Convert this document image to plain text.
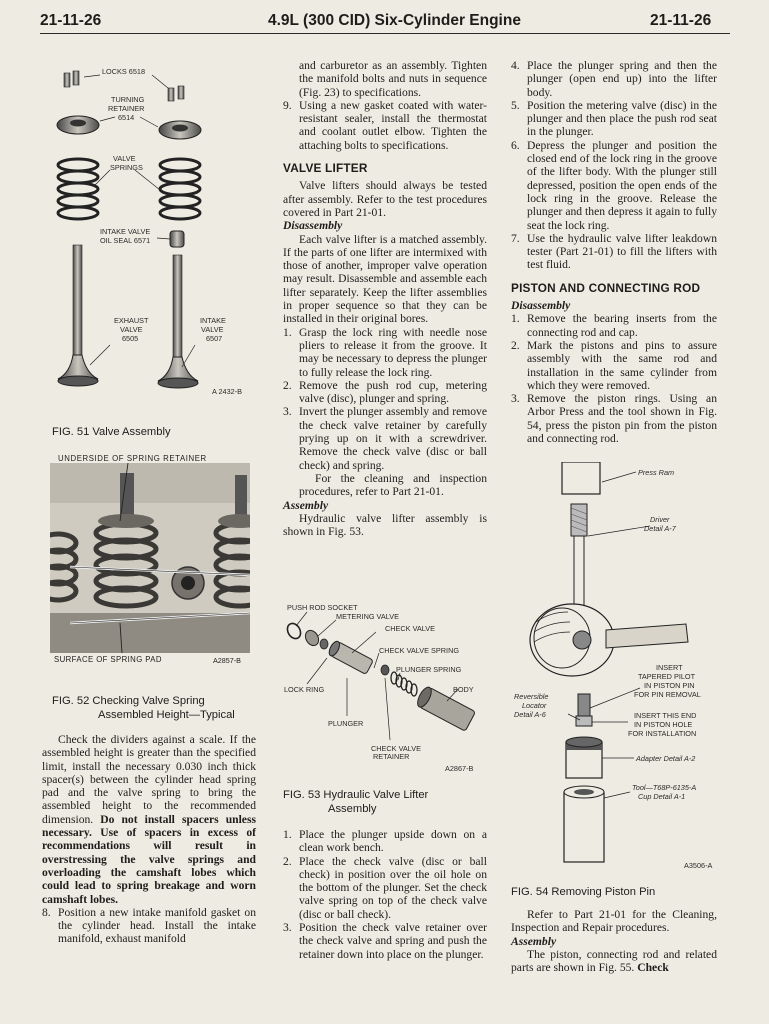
21-11-26	4.9L (300 CID) Six-Cylinder Engine	21-11-26
LOCKS 6518
TURNING
RETAINER
6514
VALVE
SPRINGS
INTAKE VALVE
OIL SEAL 6571
EXHAUST
VALVE
6505
INTAKE
VALVE
6507
A 2432-B
FIG. 51 Valve Assembly
UNDERSIDE OF SPRING RETAINER
SURFACE OF SPRING PAD	A2857-B
FIG. 52 Checking Valve Spring
Assembled Height—Typical

Check the dividers against a scale. If the assembled height is greater than the specified limit, install the necessary 0.030 inch thick spacer(s) between the cylinder head spring pad and the valve spring to bring the assembled height to the recommended dimension. Do not install spacers unless necessary. Use of spacers in excess of recommendations will result in overstressing the valve springs and overloading the camshaft lobes which could lead to spring breakage and worn camshaft lobes.

8. Position a new intake manifold gasket on the cylinder head. Install the intake manifold, exhaust manifold

and carburetor as an assembly. Tighten the manifold bolts and nuts in sequence (Fig. 23) to specifications.

9. Using a new gasket coated with water-resistant sealer, install the thermostat and coolant outlet elbow. Tighten the attaching bolts to specifications.
VALVE LIFTER

Valve lifters should always be tested after assembly. Refer to the test procedures covered in Part 21-01.

Disassembly

Each valve lifter is a matched assembly. If the parts of one lifter are intermixed with those of another, improper valve operation may result. Disassemble and assemble each lifter separately. Keep the lifter assemblies in proper sequence so that they can be installed in their original bores.

1. Grasp the lock ring with needle nose pliers to release it from the groove. It may be necessary to depress the plunger to fully release the lock ring.
2. Remove the push rod cup, metering valve (disc), plunger and spring.
3. Invert the plunger assembly and remove the check valve retainer by carefully prying up on it with a screwdriver. Remove the check valve (disc or ball check) and spring.

For the cleaning and inspection procedures, refer to Part 21-01.

Assembly

Hydraulic valve lifter assembly is shown in Fig. 53.

PUSH ROD SOCKET
METERING VALVE
CHECK VALVE
CHECK VALVE SPRING
PLUNGER SPRING
LOCK RING	BODY
PLUNGER
CHECK VALVE
RETAINER
A2867-B
FIG. 53 Hydraulic Valve Lifter
Assembly
1. Place the plunger upside down on a clean work bench.
2. Place the check valve (disc or ball check) in position over the oil hole on the bottom of the plunger. Set the check valve spring on top of the check valve (disc or ball check).
3. Position the check valve retainer over the check valve and spring and push the retainer down into place on the plunger.
4. Place the plunger spring and then the plunger (open end up) into the lifter body.
5. Position the metering valve (disc) in the plunger and then place the push rod seat in the plunger.
6. Depress the plunger and position the closed end of the lock ring in the groove of the lifter body. With the plunger still depressed, position the open ends of the lock ring in the groove. Release the plunger and then depress it again to fully seat the lock ring.
7. Use the hydraulic valve lifter leakdown tester (Part 21-01) to fill the lifters with test fluid.
PISTON AND CONNECTING ROD
Disassembly
1. Remove the bearing inserts from the connecting rod and cap.
2. Mark the pistons and pins to assure assembly with the same rod and installation in the same cylinder from which they were removed.
3. Remove the piston rings. Using an Arbor Press and the tool shown in Fig. 54, press the piston pin from the piston and connecting rod.
Press Ram
Driver
Detail A-7
INSERT
TAPERED PILOT
IN PISTON PIN
FOR PIN REMOVAL
Reversible
Locator
Detail A-6	INSERT THIS END
IN PISTON HOLE
FOR INSTALLATION
Adapter Detail A-2
Tool—T68P-6135-A
Cup Detail A-1
A3506-A
FIG. 54 Removing Piston Pin

Refer to Part 21-01 for the Cleaning, Inspection and Repair procedures.

Assembly

The piston, connecting rod and related parts are shown in Fig. 55. Check
